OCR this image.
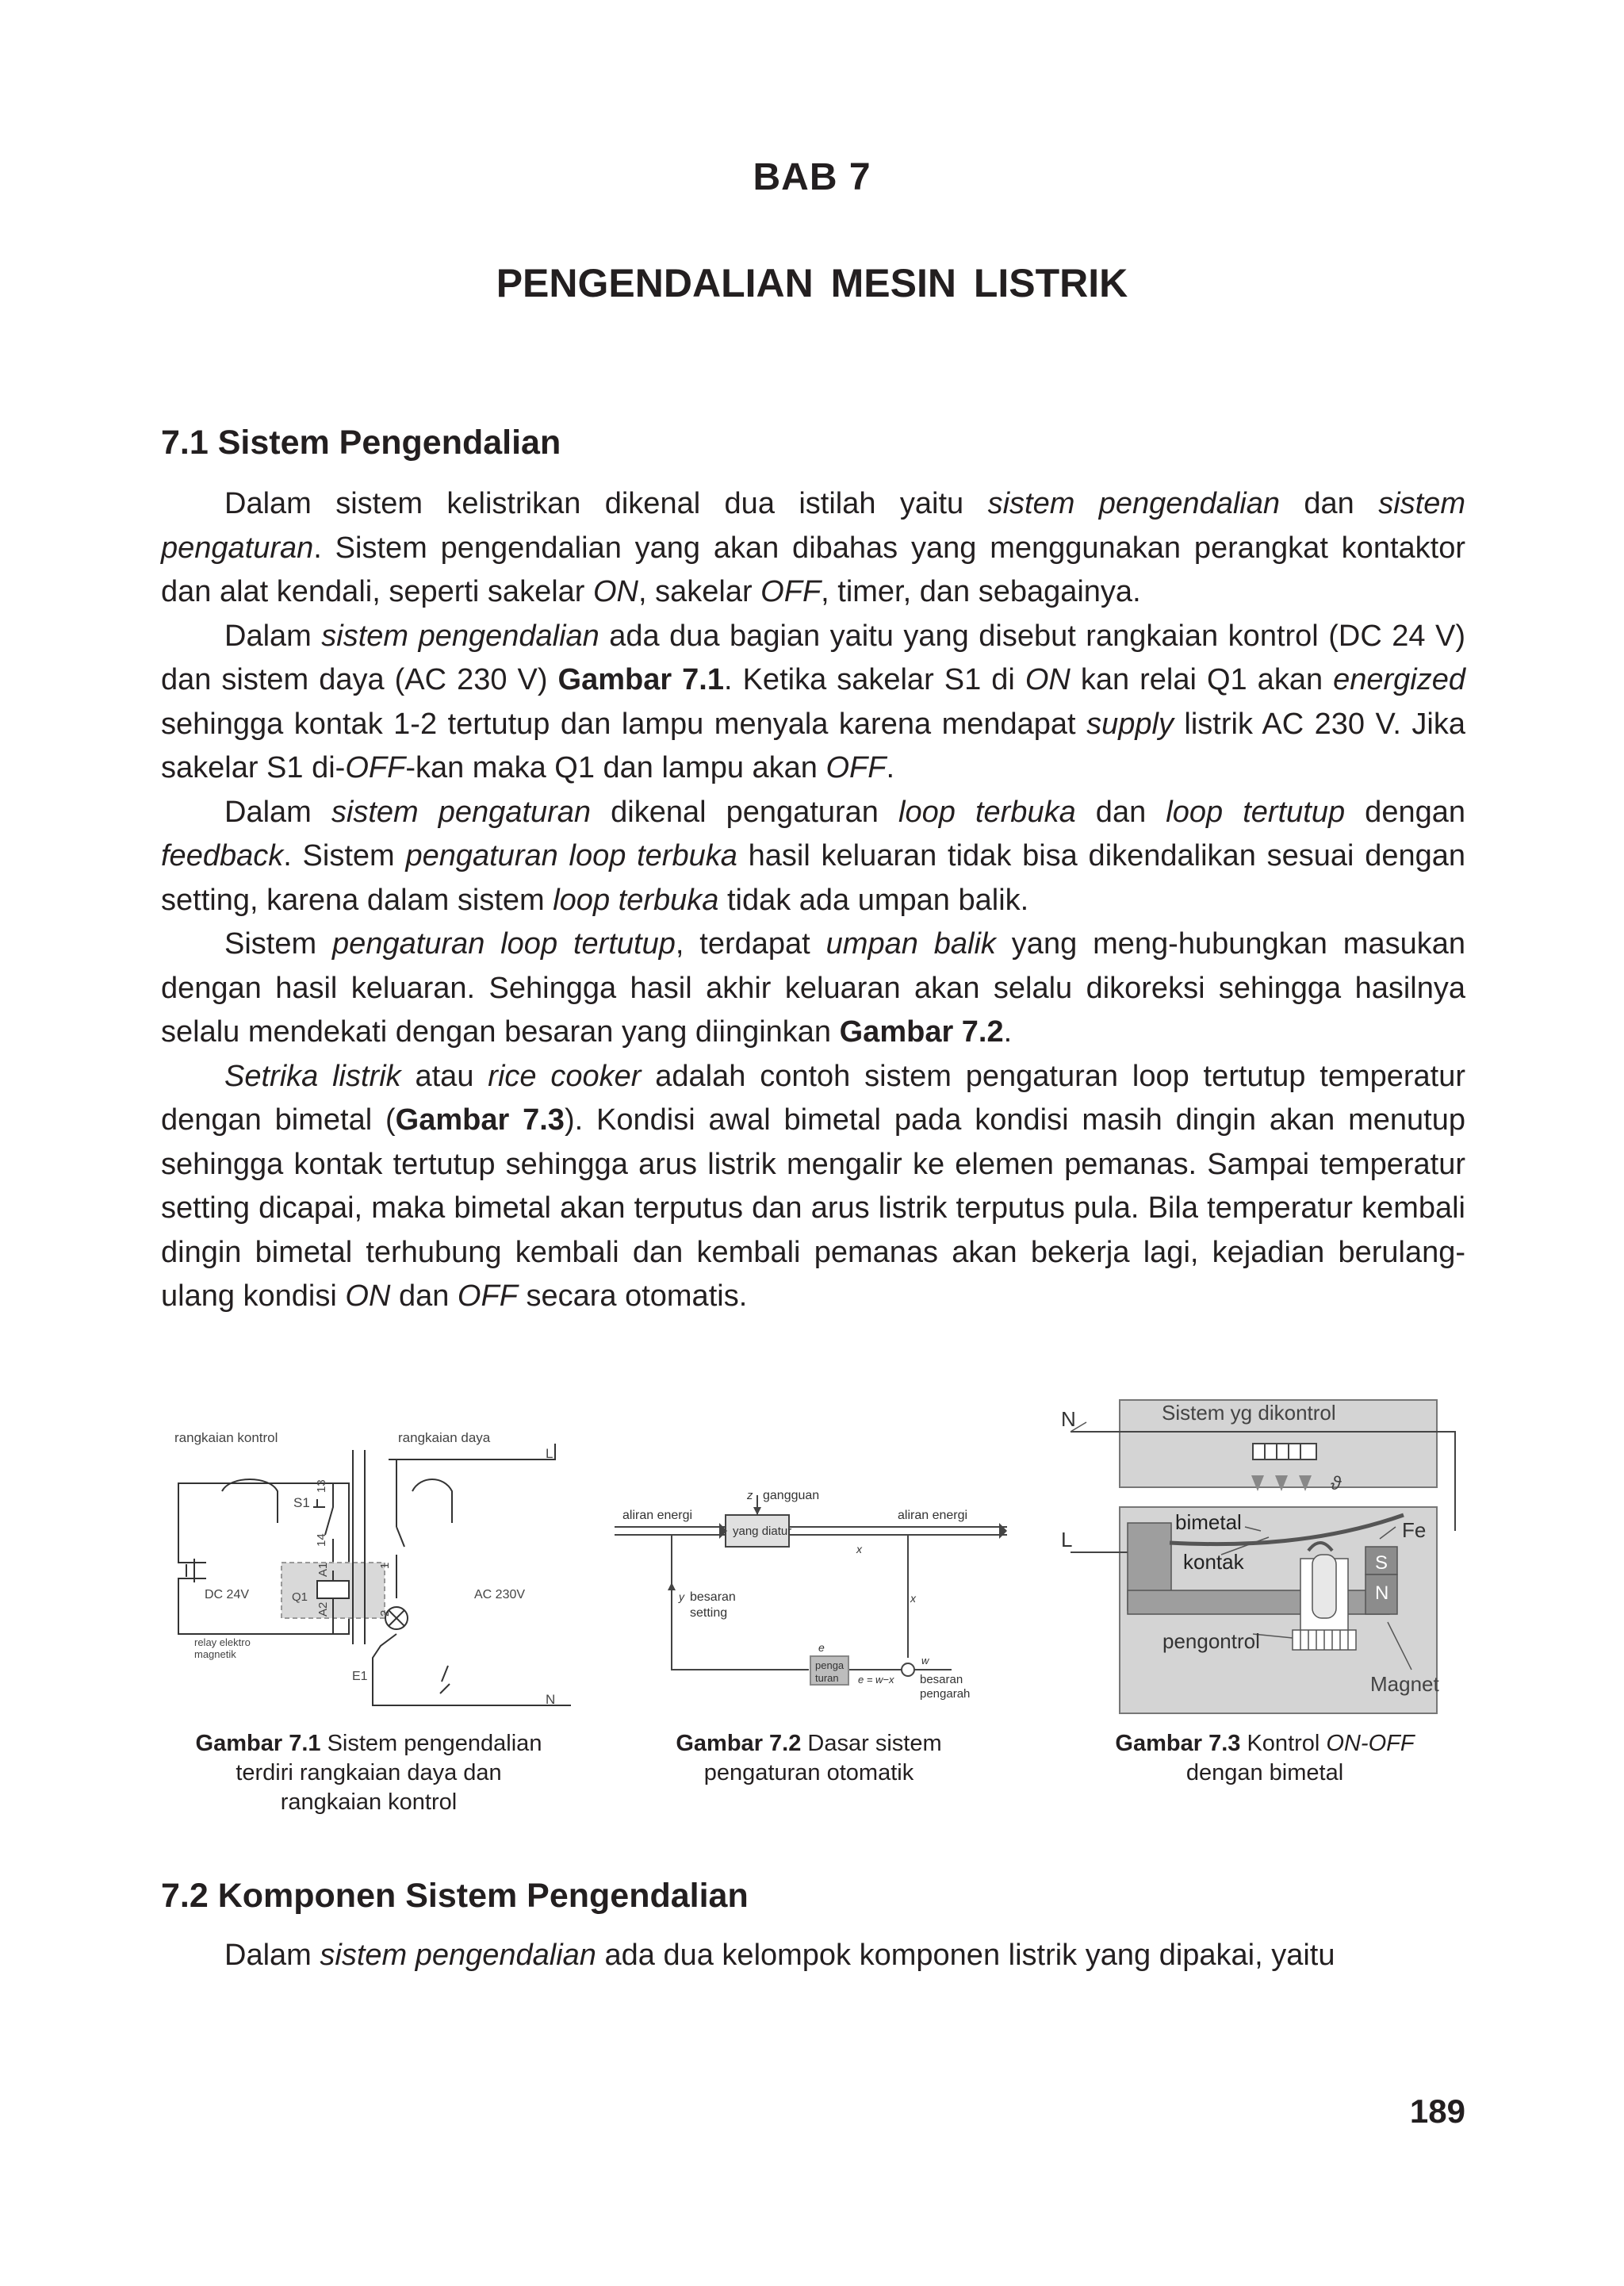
BAB 7
PENGENDALIAN MESIN LISTRIK
7.1 Sistem Pengendalian

Dalam sistem kelistrikan dikenal dua istilah yaitu sistem pengendalian dan sistem pengaturan. Sistem pengendalian yang akan dibahas yang menggunakan perangkat kontaktor dan alat kendali, seperti sakelar ON, sakelar OFF, timer, dan sebagainya.

Dalam sistem pengendalian ada dua bagian yaitu yang disebut rangkaian kontrol (DC 24 V) dan sistem daya (AC 230 V) Gambar 7.1. Ketika sakelar S1 di ON kan relai Q1 akan energized sehingga kontak 1-2 tertutup dan lampu menyala karena mendapat supply listrik AC 230 V. Jika sakelar S1 di-OFF-kan maka Q1 dan lampu akan OFF.

Dalam sistem pengaturan dikenal pengaturan loop terbuka dan loop tertutup dengan feedback. Sistem pengaturan loop terbuka hasil keluaran tidak bisa dikendalikan sesuai dengan setting, karena dalam sistem loop terbuka tidak ada umpan balik.

Sistem pengaturan loop tertutup, terdapat umpan balik yang meng-hubungkan masukan dengan hasil keluaran. Sehingga hasil akhir keluaran akan selalu dikoreksi sehingga hasilnya selalu mendekati dengan besaran yang diinginkan Gambar 7.2.

Setrika listrik atau rice cooker adalah contoh sistem pengaturan loop tertutup temperatur dengan bimetal (Gambar 7.3). Kondisi awal bimetal pada kondisi masih dingin akan menutup sehingga kontak tertutup sehingga arus listrik mengalir ke elemen pemanas. Sampai temperatur setting dicapai, maka bimetal akan terputus dan arus listrik terputus pula. Bila temperatur kembali dingin bimetal terhubung kembali dan kembali pemanas akan bekerja lagi, kejadian berulang-ulang kondisi ON dan OFF secara otomatis.

rangkaian kontrol	rangkaian daya
L
N
S1
13
14
A1
A2
Q1
1
2
DC 24V	AC 230V
relay elektro
magnetik
E1
Gambar 7.1 Sistem pengendalian
terdiri rangkaian daya dan
rangkaian kontrol
aliran energi	aliran energi
z gangguan
yang diatur
x
x
y besaran
setting
e
penga
turan e = w−x
w
besaran
pengarah
Gambar 7.2 Dasar sistem
pengaturan otomatik
N
L
Sistem yg dikontrol
ϑ
bimetal	Fe
kontak	S
N
pengontrol
Magnet
Gambar 7.3 Kontrol ON-OFF
dengan bimetal
7.2 Komponen Sistem Pengendalian

Dalam sistem pengendalian ada dua kelompok komponen listrik yang dipakai, yaitu

189
